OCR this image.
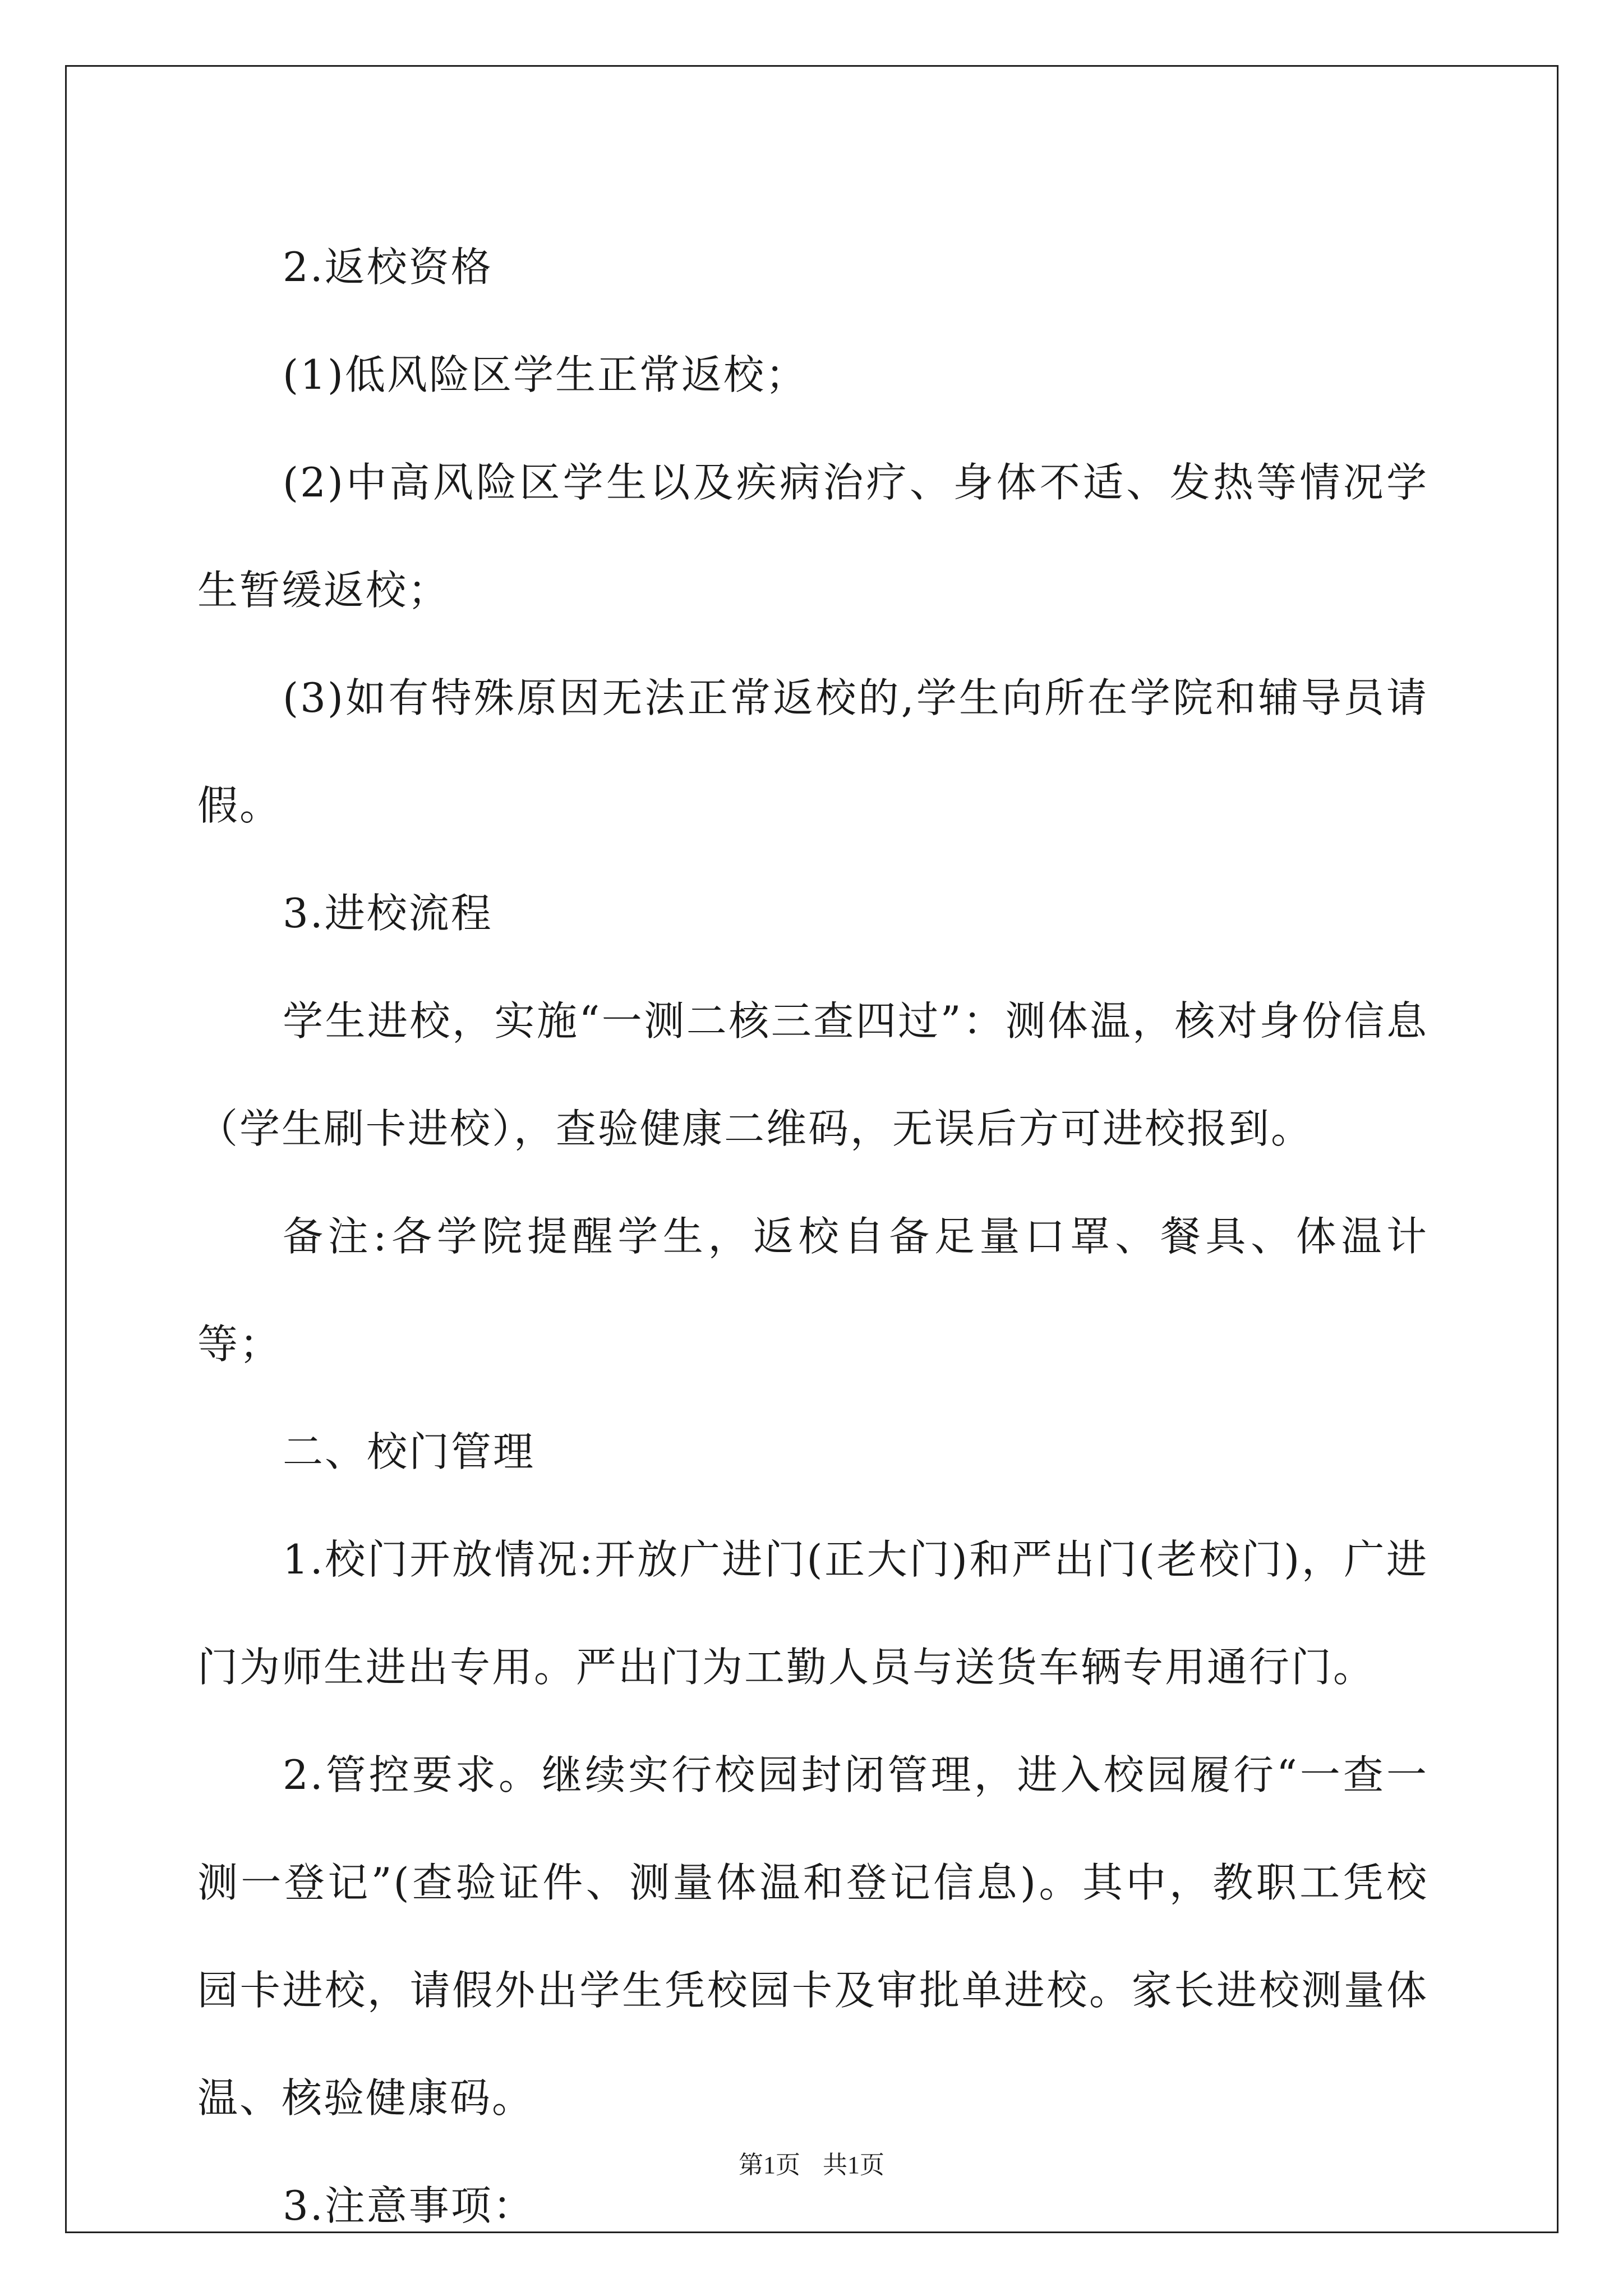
2.返校资格

(1)低风险区学生正常返校；

(2)中高风险区学生以及疾病治疗、身体不适、发热等情况学生暂缓返校；

(3)如有特殊原因无法正常返校的,学生向所在学院和辅导员请假。

3.进校流程

学生进校，实施“一测二核三查四过”：测体温，核对身份信息（学生刷卡进校），查验健康二维码，无误后方可进校报到。

备注:各学院提醒学生，返校自备足量口罩、餐具、体温计等；

二、校门管理

1.校门开放情况:开放广进门(正大门)和严出门(老校门)，广进门为师生进出专用。严出门为工勤人员与送货车辆专用通行门。

2.管控要求。继续实行校园封闭管理，进入校园履行“一查一测一登记”(查验证件、测量体温和登记信息)。其中，教职工凭校园卡进校，请假外出学生凭校园卡及审批单进校。家长进校测量体温、核验健康码。

3.注意事项：

第1页 共1页
